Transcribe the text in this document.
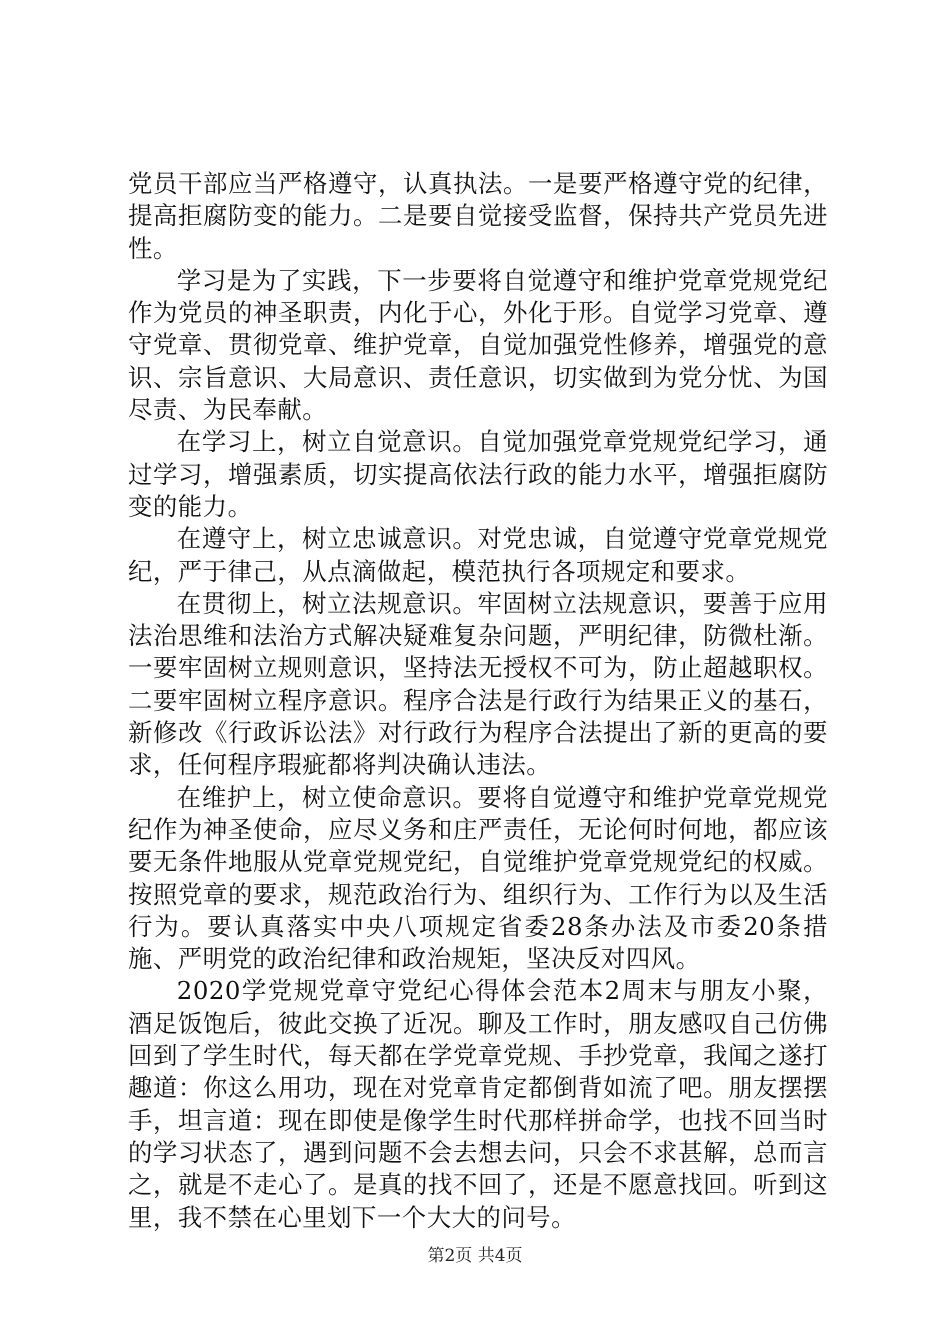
党员干部应当严格遵守，认真执法。一是要严格遵守党的纪律，提高拒腐防变的能力。二是要自觉接受监督，保持共产党员先进性。

学习是为了实践，下一步要将自觉遵守和维护党章党规党纪作为党员的神圣职责，内化于心，外化于形。自觉学习党章、遵守党章、贯彻党章、维护党章，自觉加强党性修养，增强党的意识、宗旨意识、大局意识、责任意识，切实做到为党分忧、为国尽责、为民奉献。

在学习上，树立自觉意识。自觉加强党章党规党纪学习，通过学习，增强素质，切实提高依法行政的能力水平，增强拒腐防变的能力。

在遵守上，树立忠诚意识。对党忠诚，自觉遵守党章党规党纪，严于律己，从点滴做起，模范执行各项规定和要求。

在贯彻上，树立法规意识。牢固树立法规意识，要善于应用法治思维和法治方式解决疑难复杂问题，严明纪律，防微杜渐。一要牢固树立规则意识，坚持法无授权不可为，防止超越职权。二要牢固树立程序意识。程序合法是行政行为结果正义的基石，新修改《行政诉讼法》对行政行为程序合法提出了新的更高的要求，任何程序瑕疵都将判决确认违法。

在维护上，树立使命意识。要将自觉遵守和维护党章党规党纪作为神圣使命，应尽义务和庄严责任，无论何时何地，都应该要无条件地服从党章党规党纪，自觉维护党章党规党纪的权威。按照党章的要求，规范政治行为、组织行为、工作行为以及生活行为。要认真落实中央八项规定省委28条办法及市委20条措施、严明党的政治纪律和政治规矩，坚决反对四风。

2020学党规党章守党纪心得体会范本2周末与朋友小聚，酒足饭饱后，彼此交换了近况。聊及工作时，朋友感叹自己仿佛回到了学生时代，每天都在学党章党规、手抄党章，我闻之遂打趣道：你这么用功，现在对党章肯定都倒背如流了吧。朋友摆摆手，坦言道：现在即使是像学生时代那样拼命学，也找不回当时的学习状态了，遇到问题不会去想去问，只会不求甚解，总而言之，就是不走心了。是真的找不回了，还是不愿意找回。听到这里，我不禁在心里划下一个大大的问号。

第2页 共4页
